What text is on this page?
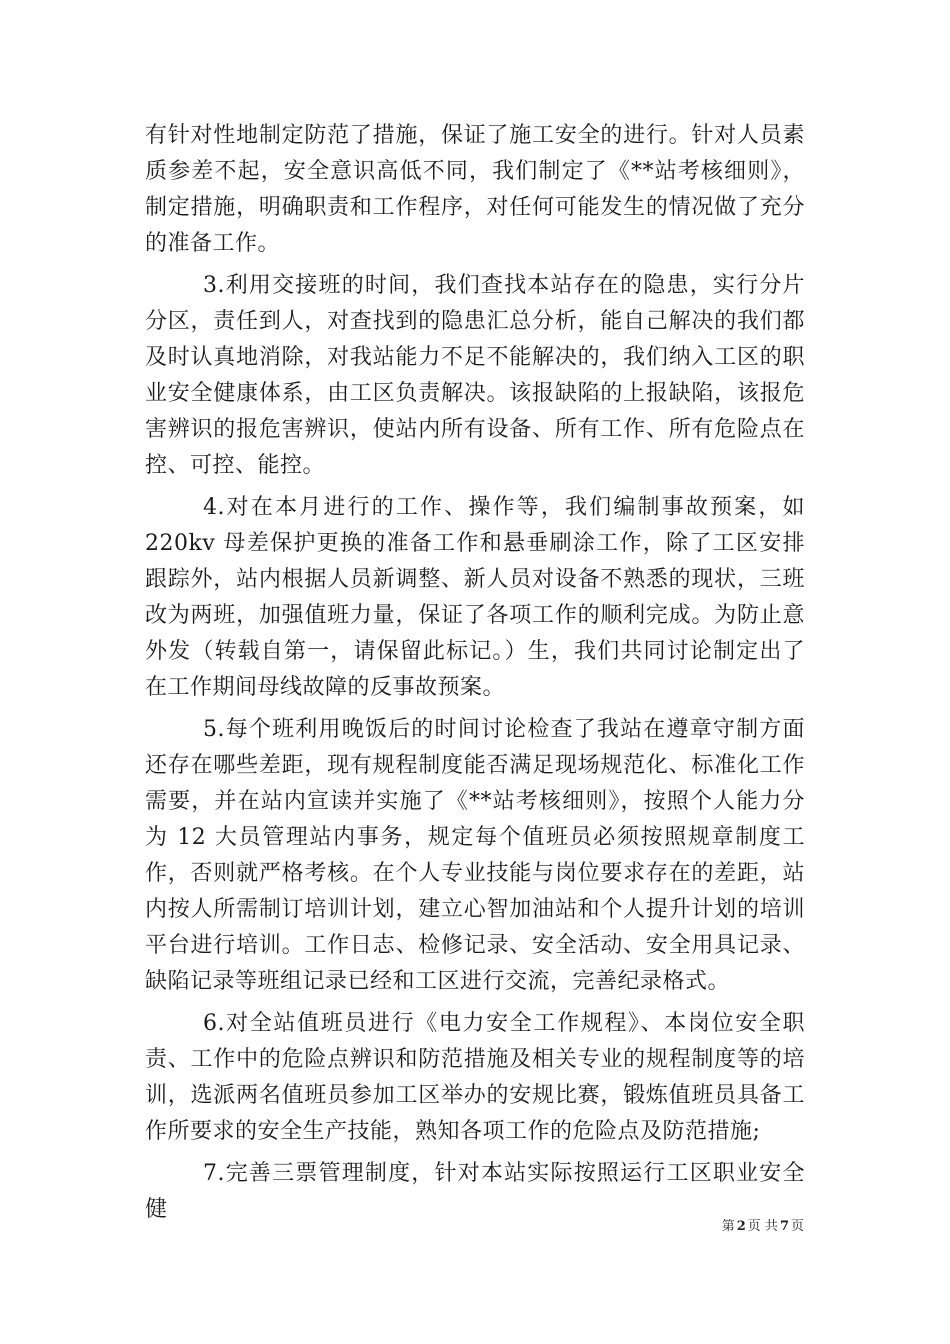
有针对性地制定防范了措施，保证了施工安全的进行。针对人员素质参差不起，安全意识高低不同，我们制定了《**站考核细则》，制定措施，明确职责和工作程序，对任何可能发生的情况做了充分的准备工作。

3.利用交接班的时间，我们查找本站存在的隐患，实行分片分区，责任到人，对查找到的隐患汇总分析，能自己解决的我们都及时认真地消除，对我站能力不足不能解决的，我们纳入工区的职业安全健康体系，由工区负责解决。该报缺陷的上报缺陷，该报危害辨识的报危害辨识，使站内所有设备、所有工作、所有危险点在控、可控、能控。

4.对在本月进行的工作、操作等，我们编制事故预案，如220kv 母差保护更换的准备工作和悬垂刷涂工作，除了工区安排跟踪外，站内根据人员新调整、新人员对设备不熟悉的现状，三班改为两班，加强值班力量，保证了各项工作的顺利完成。为防止意外发（转载自第一，请保留此标记。）生，我们共同讨论制定出了在工作期间母线故障的反事故预案。

5.每个班利用晚饭后的时间讨论检查了我站在遵章守制方面还存在哪些差距，现有规程制度能否满足现场规范化、标准化工作需要，并在站内宣读并实施了《**站考核细则》，按照个人能力分为 12 大员管理站内事务，规定每个值班员必须按照规章制度工作，否则就严格考核。在个人专业技能与岗位要求存在的差距，站内按人所需制订培训计划，建立心智加油站和个人提升计划的培训平台进行培训。工作日志、检修记录、安全活动、安全用具记录、缺陷记录等班组记录已经和工区进行交流，完善纪录格式。

6.对全站值班员进行《电力安全工作规程》、本岗位安全职责、工作中的危险点辨识和防范措施及相关专业的规程制度等的培训，选派两名值班员参加工区举办的安规比赛，锻炼值班员具备工作所要求的安全生产技能，熟知各项工作的危险点及防范措施;

7.完善三票管理制度，针对本站实际按照运行工区职业安全健

第 2 页 共 7 页
